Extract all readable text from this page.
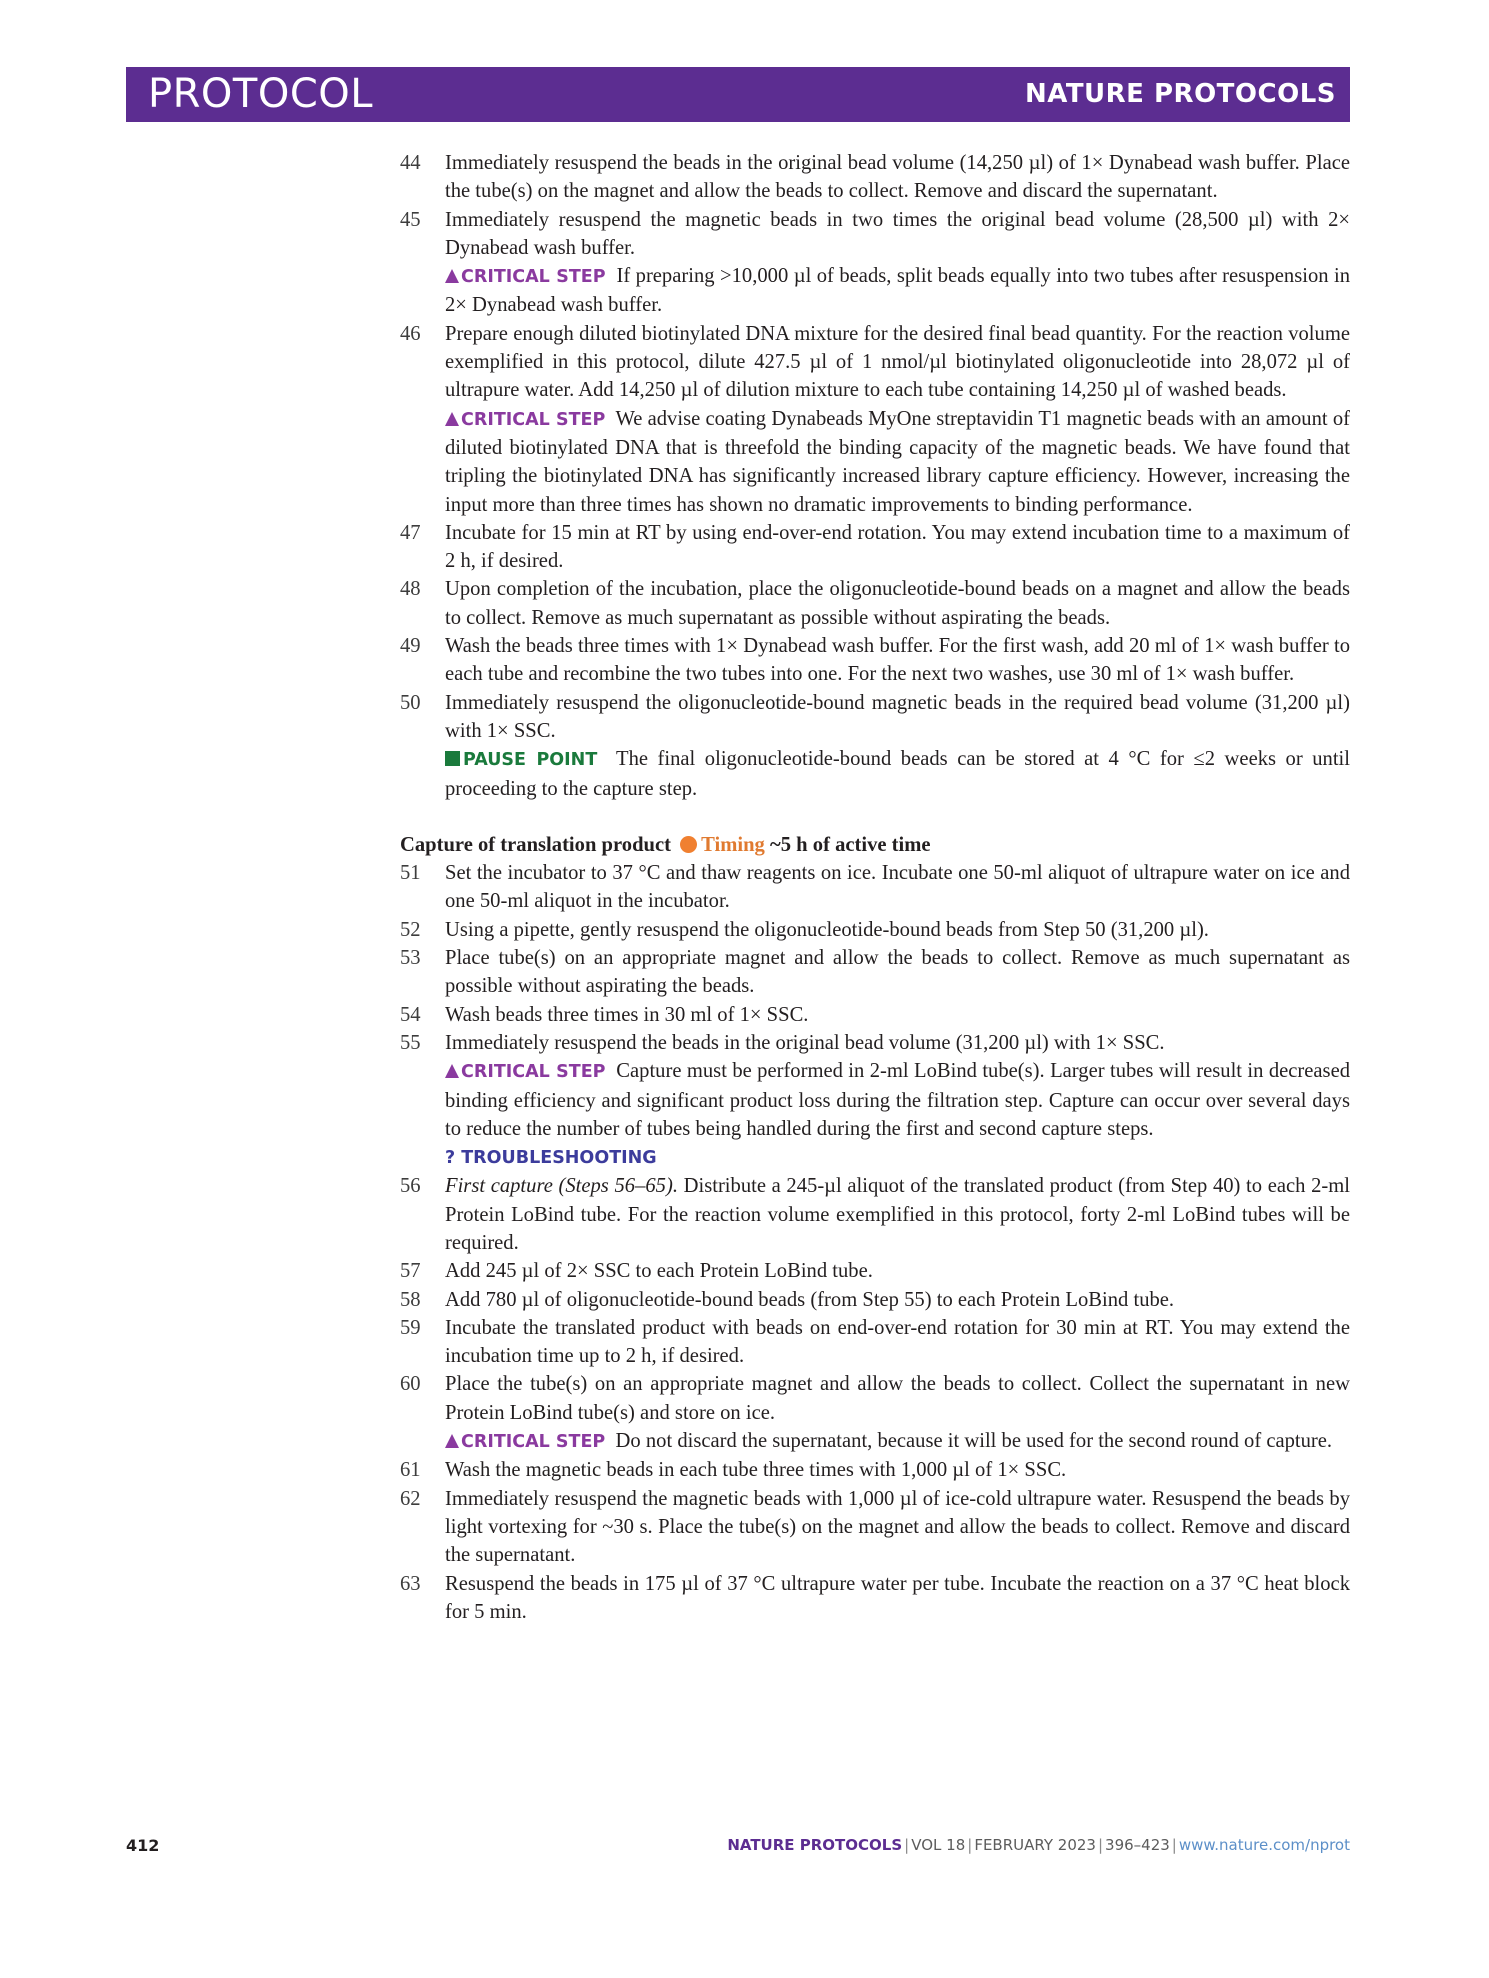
PROTOCOL	NATURE PROTOCOLS
44	Immediately resuspend the beads in the original bead volume (14,250 µl) of 1× Dynabead wash buffer. Place the tube(s) on the magnet and allow the beads to collect. Remove and discard the supernatant.
45	Immediately resuspend the magnetic beads in two times the original bead volume (28,500 µl) with 2× Dynabead wash buffer.
CRITICAL STEP If preparing >10,000 µl of beads, split beads equally into two tubes after resuspension in 2× Dynabead wash buffer.
46	Prepare enough diluted biotinylated DNA mixture for the desired final bead quantity. For the reaction volume exemplified in this protocol, dilute 427.5 µl of 1 nmol/µl biotinylated oligonucleotide into 28,072 µl of ultrapure water. Add 14,250 µl of dilution mixture to each tube containing 14,250 µl of washed beads.
CRITICAL STEP We advise coating Dynabeads MyOne streptavidin T1 magnetic beads with an amount of diluted biotinylated DNA that is threefold the binding capacity of the magnetic beads. We have found that tripling the biotinylated DNA has significantly increased library capture efficiency. However, increasing the input more than three times has shown no dramatic improvements to binding performance.
47	Incubate for 15 min at RT by using end-over-end rotation. You may extend incubation time to a maximum of 2 h, if desired.
48	Upon completion of the incubation, place the oligonucleotide-bound beads on a magnet and allow the beads to collect. Remove as much supernatant as possible without aspirating the beads.
49	Wash the beads three times with 1× Dynabead wash buffer. For the first wash, add 20 ml of 1× wash buffer to each tube and recombine the two tubes into one. For the next two washes, use 30 ml of 1× wash buffer.
50	Immediately resuspend the oligonucleotide-bound magnetic beads in the required bead volume (31,200 µl) with 1× SSC.
PAUSE POINT The final oligonucleotide-bound beads can be stored at 4 °C for ≤2 weeks or until proceeding to the capture step.
Capture of translation product Timing ~5 h of active time
51	Set the incubator to 37 °C and thaw reagents on ice. Incubate one 50-ml aliquot of ultrapure water on ice and one 50-ml aliquot in the incubator.
52	Using a pipette, gently resuspend the oligonucleotide-bound beads from Step 50 (31,200 µl).
53	Place tube(s) on an appropriate magnet and allow the beads to collect. Remove as much supernatant as possible without aspirating the beads.
54	Wash beads three times in 30 ml of 1× SSC.
55	Immediately resuspend the beads in the original bead volume (31,200 µl) with 1× SSC.
CRITICAL STEP Capture must be performed in 2-ml LoBind tube(s). Larger tubes will result in decreased binding efficiency and significant product loss during the filtration step. Capture can occur over several days to reduce the number of tubes being handled during the first and second capture steps.
? TROUBLESHOOTING
56	First capture (Steps 56–65). Distribute a 245-µl aliquot of the translated product (from Step 40) to each 2-ml Protein LoBind tube. For the reaction volume exemplified in this protocol, forty 2-ml LoBind tubes will be required.
57	Add 245 µl of 2× SSC to each Protein LoBind tube.
58	Add 780 µl of oligonucleotide-bound beads (from Step 55) to each Protein LoBind tube.
59	Incubate the translated product with beads on end-over-end rotation for 30 min at RT. You may extend the incubation time up to 2 h, if desired.
60	Place the tube(s) on an appropriate magnet and allow the beads to collect. Collect the supernatant in new Protein LoBind tube(s) and store on ice.
CRITICAL STEP Do not discard the supernatant, because it will be used for the second round of capture.
61	Wash the magnetic beads in each tube three times with 1,000 µl of 1× SSC.
62	Immediately resuspend the magnetic beads with 1,000 µl of ice-cold ultrapure water. Resuspend the beads by light vortexing for ~30 s. Place the tube(s) on the magnet and allow the beads to collect. Remove and discard the supernatant.
63	Resuspend the beads in 175 µl of 37 °C ultrapure water per tube. Incubate the reaction on a 37 °C heat block for 5 min.
412	NATURE PROTOCOLS | VOL 18 | FEBRUARY 2023 | 396–423 | www.nature.com/nprot
